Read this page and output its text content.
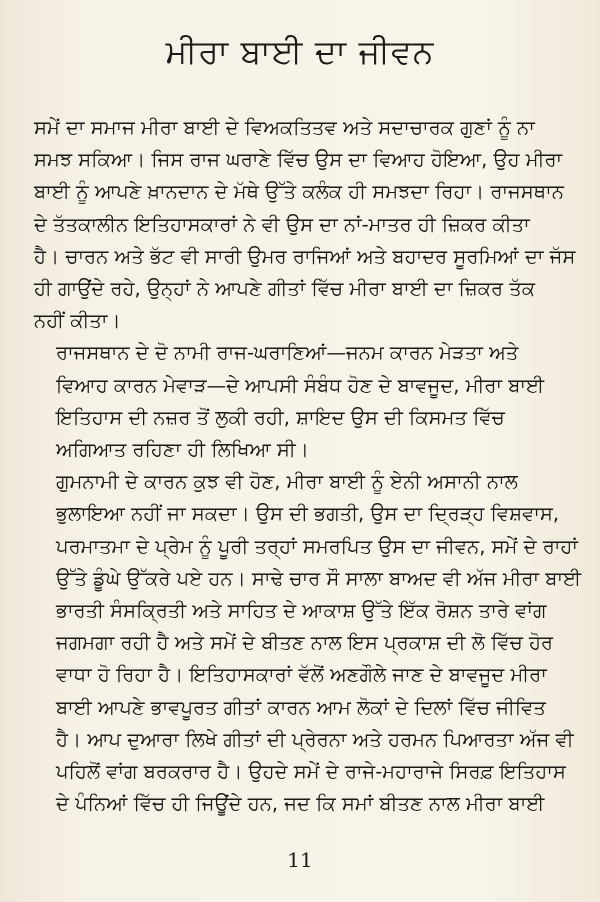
ਮੀਰਾ ਬਾਈ ਦਾ ਜੀਵਨ

ਸਮੇਂ ਦਾ ਸਮਾਜ ਮੀਰਾ ਬਾਈ ਦੇ ਵਿਅਕਤਿਤਵ ਅਤੇ ਸਦਾਚਾਰਕ ਗੁਣਾਂ ਨੂੰ ਨਾ
ਸਮਝ ਸਕਿਆ। ਜਿਸ ਰਾਜ ਘਰਾਣੇ ਵਿੱਚ ਉਸ ਦਾ ਵਿਆਹ ਹੋਇਆ, ਉਹ ਮੀਰਾ
ਬਾਈ ਨੂੰ ਆਪਣੇ ਖ਼ਾਨਦਾਨ ਦੇ ਮੱਥੇ ਉੱਤੇ ਕਲੰਕ ਹੀ ਸਮਝਦਾ ਰਿਹਾ। ਰਾਜਸਥਾਨ
ਦੇ ਤੱਤਕਾਲੀਨ ਇਤਿਹਾਸਕਾਰਾਂ ਨੇ ਵੀ ਉਸ ਦਾ ਨਾਂ-ਮਾਤਰ ਹੀ ਜ਼ਿਕਰ ਕੀਤਾ
ਹੈ। ਚਾਰਨ ਅਤੇ ਭੱਟ ਵੀ ਸਾਰੀ ਉਮਰ ਰਾਜਿਆਂ ਅਤੇ ਬਹਾਦਰ ਸੂਰਮਿਆਂ ਦਾ ਜੱਸ
ਹੀ ਗਾਉਂਦੇ ਰਹੇ, ਉਨ੍ਹਾਂ ਨੇ ਆਪਣੇ ਗੀਤਾਂ ਵਿੱਚ ਮੀਰਾ ਬਾਈ ਦਾ ਜ਼ਿਕਰ ਤੱਕ
ਨਹੀਂ ਕੀਤਾ।

ਰਾਜਸਥਾਨ ਦੇ ਦੋ ਨਾਮੀ ਰਾਜ-ਘਰਾਣਿਆਂ—ਜਨਮ ਕਾਰਨ ਮੇੜਤਾ ਅਤੇ
ਵਿਆਹ ਕਾਰਨ ਮੇਵਾੜ—ਦੇ ਆਪਸੀ ਸੰਬੰਧ ਹੋਣ ਦੇ ਬਾਵਜੂਦ, ਮੀਰਾ ਬਾਈ
ਇਤਿਹਾਸ ਦੀ ਨਜ਼ਰ ਤੋਂ ਲੁਕੀ ਰਹੀ, ਸ਼ਾਇਦ ਉਸ ਦੀ ਕਿਸਮਤ ਵਿੱਚ
ਅਗਿਆਤ ਰਹਿਣਾ ਹੀ ਲਿਖਿਆ ਸੀ।

ਗੁਮਨਾਮੀ ਦੇ ਕਾਰਨ ਕੁਝ ਵੀ ਹੋਣ, ਮੀਰਾ ਬਾਈ ਨੂੰ ਏਨੀ ਅਸਾਨੀ ਨਾਲ
ਭੁਲਾਇਆ ਨਹੀਂ ਜਾ ਸਕਦਾ। ਉਸ ਦੀ ਭਗਤੀ, ਉਸ ਦਾ ਦ੍ਰਿੜ੍ਹ ਵਿਸ਼ਵਾਸ,
ਪਰਮਾਤਮਾ ਦੇ ਪ੍ਰੇਮ ਨੂੰ ਪੂਰੀ ਤਰ੍ਹਾਂ ਸਮਰਪਿਤ ਉਸ ਦਾ ਜੀਵਨ, ਸਮੇਂ ਦੇ ਰਾਹਾਂ
ਉੱਤੇ ਡੂੰਘੇ ਉੱਕਰੇ ਪਏ ਹਨ। ਸਾਢੇ ਚਾਰ ਸੌ ਸਾਲਾ ਬਾਅਦ ਵੀ ਅੱਜ ਮੀਰਾ ਬਾਈ
ਭਾਰਤੀ ਸੰਸਕ੍ਰਿਤੀ ਅਤੇ ਸਾਹਿਤ ਦੇ ਆਕਾਸ਼ ਉੱਤੇ ਇੱਕ ਰੋਸ਼ਨ ਤਾਰੇ ਵਾਂਗ
ਜਗਮਗਾ ਰਹੀ ਹੈ ਅਤੇ ਸਮੇਂ ਦੇ ਬੀਤਣ ਨਾਲ ਇਸ ਪ੍ਰਕਾਸ਼ ਦੀ ਲੋ ਵਿੱਚ ਹੋਰ
ਵਾਧਾ ਹੋ ਰਿਹਾ ਹੈ। ਇਤਿਹਾਸਕਾਰਾਂ ਵੱਲੋਂ ਅਣਗੌਲੇ ਜਾਣ ਦੇ ਬਾਵਜੂਦ ਮੀਰਾ
ਬਾਈ ਆਪਣੇ ਭਾਵਪੂਰਤ ਗੀਤਾਂ ਕਾਰਨ ਆਮ ਲੋਕਾਂ ਦੇ ਦਿਲਾਂ ਵਿੱਚ ਜੀਵਿਤ
ਹੈ। ਆਪ ਦੁਆਰਾ ਲਿਖੇ ਗੀਤਾਂ ਦੀ ਪ੍ਰੇਰਨਾ ਅਤੇ ਹਰਮਨ ਪਿਆਰਤਾ ਅੱਜ ਵੀ
ਪਹਿਲੋਂ ਵਾਂਗ ਬਰਕਰਾਰ ਹੈ। ਉਹਦੇ ਸਮੇਂ ਦੇ ਰਾਜੇ-ਮਹਾਰਾਜੇ ਸਿਰਫ਼ ਇਤਿਹਾਸ
ਦੇ ਪੰਨਿਆਂ ਵਿੱਚ ਹੀ ਜਿਊਂਦੇ ਹਨ, ਜਦ ਕਿ ਸਮਾਂ ਬੀਤਣ ਨਾਲ ਮੀਰਾ ਬਾਈ

11
